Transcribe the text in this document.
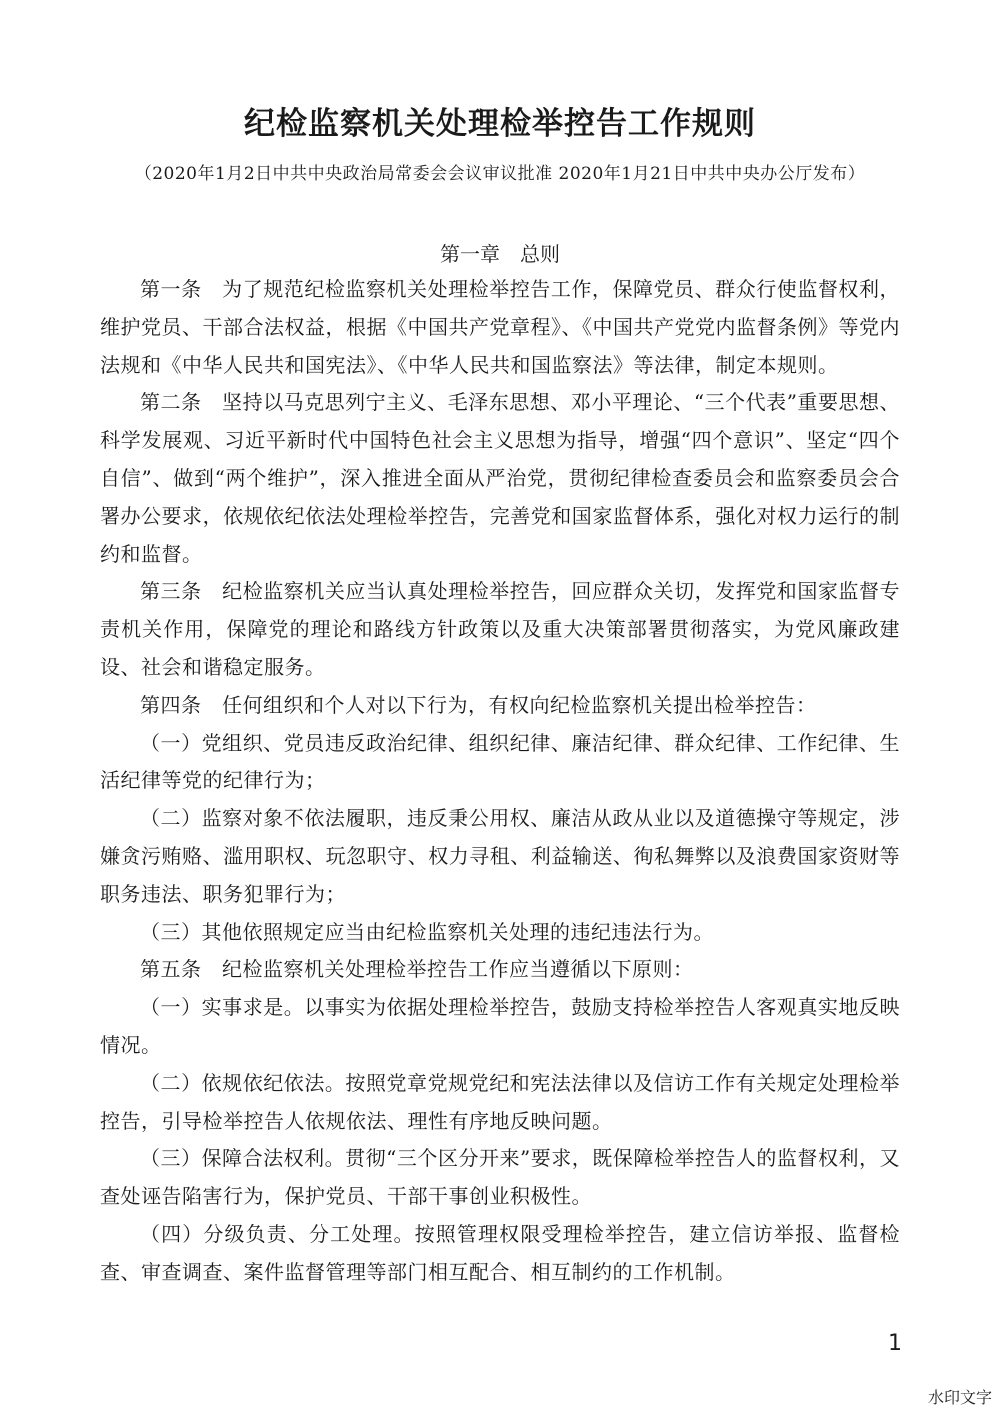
纪检监察机关处理检举控告工作规则
（2020年1月2日中共中央政治局常委会会议审议批准 2020年1月21日中共中央办公厅发布）
第一章　总则

第一条　为了规范纪检监察机关处理检举控告工作，保障党员、群众行使监督权利，维护党员、干部合法权益，根据《中国共产党章程》、《中国共产党党内监督条例》等党内法规和《中华人民共和国宪法》、《中华人民共和国监察法》等法律，制定本规则。

第二条　坚持以马克思列宁主义、毛泽东思想、邓小平理论、“三个代表”重要思想、科学发展观、习近平新时代中国特色社会主义思想为指导，增强“四个意识”、坚定“四个自信”、做到“两个维护”，深入推进全面从严治党，贯彻纪律检查委员会和监察委员会合署办公要求，依规依纪依法处理检举控告，完善党和国家监督体系，强化对权力运行的制约和监督。

第三条　纪检监察机关应当认真处理检举控告，回应群众关切，发挥党和国家监督专责机关作用，保障党的理论和路线方针政策以及重大决策部署贯彻落实，为党风廉政建设、社会和谐稳定服务。

第四条　任何组织和个人对以下行为，有权向纪检监察机关提出检举控告：

（一）党组织、党员违反政治纪律、组织纪律、廉洁纪律、群众纪律、工作纪律、生活纪律等党的纪律行为；

（二）监察对象不依法履职，违反秉公用权、廉洁从政从业以及道德操守等规定，涉嫌贪污贿赂、滥用职权、玩忽职守、权力寻租、利益输送、徇私舞弊以及浪费国家资财等职务违法、职务犯罪行为；

（三）其他依照规定应当由纪检监察机关处理的违纪违法行为。

第五条　纪检监察机关处理检举控告工作应当遵循以下原则：

（一）实事求是。以事实为依据处理检举控告，鼓励支持检举控告人客观真实地反映情况。

（二）依规依纪依法。按照党章党规党纪和宪法法律以及信访工作有关规定处理检举控告，引导检举控告人依规依法、理性有序地反映问题。

（三）保障合法权利。贯彻“三个区分开来”要求，既保障检举控告人的监督权利，又查处诬告陷害行为，保护党员、干部干事创业积极性。

（四）分级负责、分工处理。按照管理权限受理检举控告，建立信访举报、监督检查、审查调查、案件监督管理等部门相互配合、相互制约的工作机制。

1
水印文字
